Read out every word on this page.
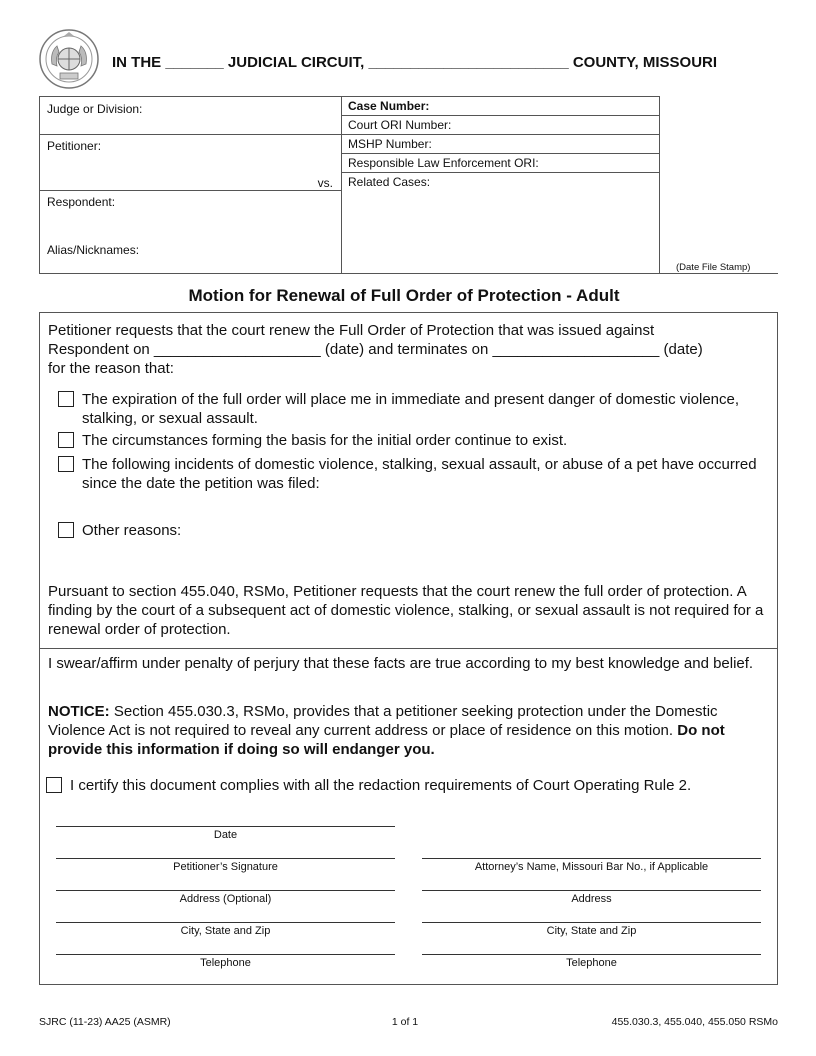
IN THE _______ JUDICIAL CIRCUIT, ________________________ COUNTY, MISSOURI
Judge or Division:
Petitioner:
vs.
Respondent:
Alias/Nicknames:
Case Number:
Court ORI Number:
MSHP Number:
Responsible Law Enforcement ORI:
Related Cases:
(Date File Stamp)
Motion for Renewal of Full Order of Protection - Adult
Petitioner requests that the court renew the Full Order of Protection that was issued against
Respondent on ____________________ (date) and terminates on ____________________ (date)
for the reason that:
The expiration of the full order will place me in immediate and present danger of domestic violence, stalking, or sexual assault.
The circumstances forming the basis for the initial order continue to exist.
The following incidents of domestic violence, stalking, sexual assault, or abuse of a pet have occurred since the date the petition was filed:
Other reasons:
Pursuant to section 455.040, RSMo, Petitioner requests that the court renew the full order of protection. A finding by the court of a subsequent act of domestic violence, stalking, or sexual assault is not required for a renewal order of protection.
I swear/affirm under penalty of perjury that these facts are true according to my best knowledge and belief.
NOTICE: Section 455.030.3, RSMo, provides that a petitioner seeking protection under the Domestic Violence Act is not required to reveal any current address or place of residence on this motion. Do not provide this information if doing so will endanger you.
I certify this document complies with all the redaction requirements of Court Operating Rule 2.
Date
Petitioner’s Signature
Address (Optional)
City, State and Zip
Telephone
Attorney’s Name, Missouri Bar No., if Applicable
Address
City, State and Zip
Telephone
SJRC (11-23) AA25 (ASMR)	1 of 1	455.030.3, 455.040, 455.050 RSMo
